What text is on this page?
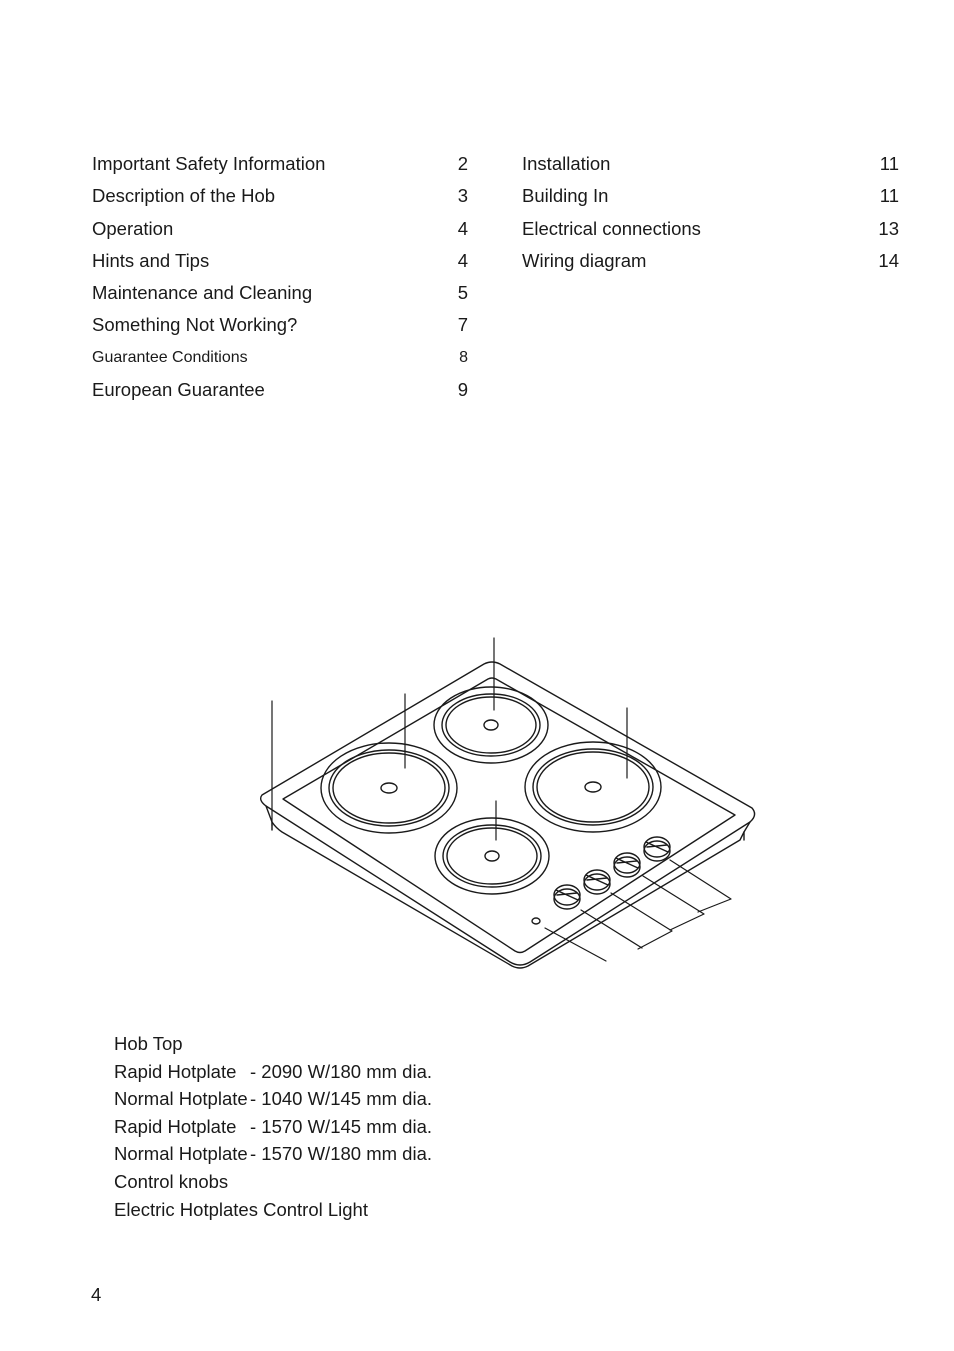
Important Safety Information	2
Description of the Hob	3
Operation	4
Hints and Tips	4
Maintenance and Cleaning	5
Something Not Working?	7
Guarantee Conditions	8
European Guarantee	9
Installation	11
Building In	11
Electrical connections	13
Wiring diagram	14
Hob Top
Rapid Hotplate - 2090 W/180 mm dia.
Normal Hotplate - 1040 W/145 mm dia.
Rapid Hotplate - 1570 W/145 mm dia.
Normal Hotplate - 1570 W/180 mm dia.
Control knobs
Electric Hotplates Control Light
4
